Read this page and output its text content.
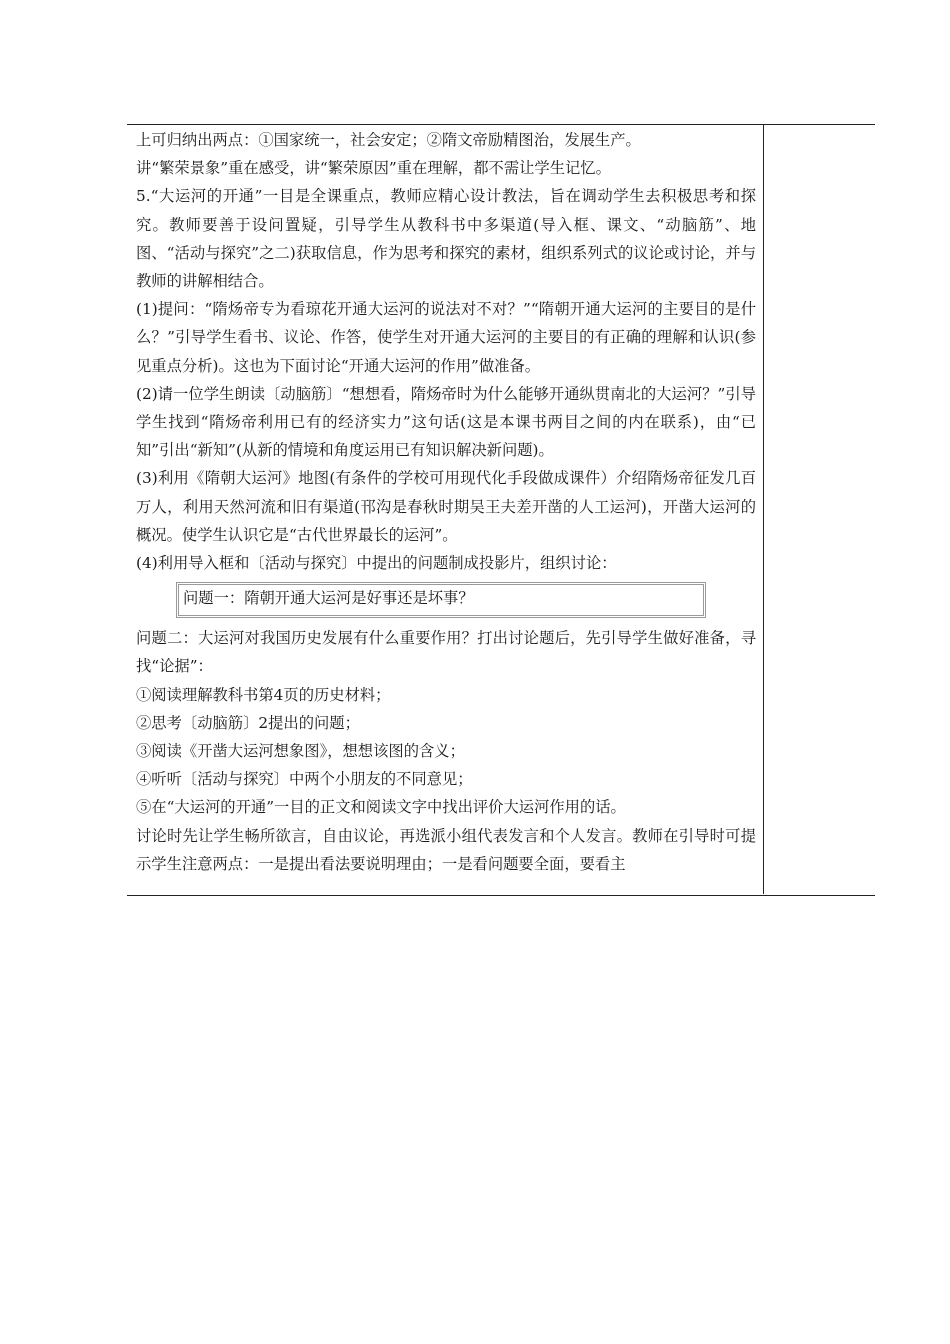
上可归纳出两点：①国家统一，社会安定；②隋文帝励精图治，发展生产。

讲“繁荣景象”重在感受，讲“繁荣原因”重在理解，都不需让学生记忆。

5.“大运河的开通”一目是全课重点，教师应精心设计教法，旨在调动学生去积极思考和探究。教师要善于设问置疑，引导学生从教科书中多渠道(导入框、课文、“动脑筋”、地图、“活动与探究”之二)获取信息，作为思考和探究的素材，组织系列式的议论或讨论，并与教师的讲解相结合。

(1)提问：“隋炀帝专为看琼花开通大运河的说法对不对？”“隋朝开通大运河的主要目的是什么？”引导学生看书、议论、作答，使学生对开通大运河的主要目的有正确的理解和认识(参见重点分析)。这也为下面讨论“开通大运河的作用”做准备。

(2)请一位学生朗读〔动脑筋〕“想想看，隋炀帝时为什么能够开通纵贯南北的大运河？”引导学生找到“隋炀帝利用已有的经济实力”这句话(这是本课书两目之间的内在联系)，由“已知”引出“新知”(从新的情境和角度运用已有知识解决新问题)。

(3)利用《隋朝大运河》地图(有条件的学校可用现代化手段做成课件）介绍隋炀帝征发几百万人，利用天然河流和旧有渠道(邗沟是春秋时期吴王夫差开凿的人工运河)，开凿大运河的概况。使学生认识它是“古代世界最长的运河”。

(4)利用导入框和〔活动与探究〕中提出的问题制成投影片，组织讨论：

问题一：隋朝开通大运河是好事还是坏事？

问题二：大运河对我国历史发展有什么重要作用？打出讨论题后，先引导学生做好准备，寻找“论据”：

①阅读理解教科书第4页的历史材料；

②思考〔动脑筋〕2提出的问题；

③阅读《开凿大运河想象图》，想想该图的含义；

④听听〔活动与探究〕中两个小朋友的不同意见；

⑤在“大运河的开通”一目的正文和阅读文字中找出评价大运河作用的话。

讨论时先让学生畅所欲言，自由议论，再选派小组代表发言和个人发言。教师在引导时可提示学生注意两点：一是提出看法要说明理由；一是看问题要全面，要看主
